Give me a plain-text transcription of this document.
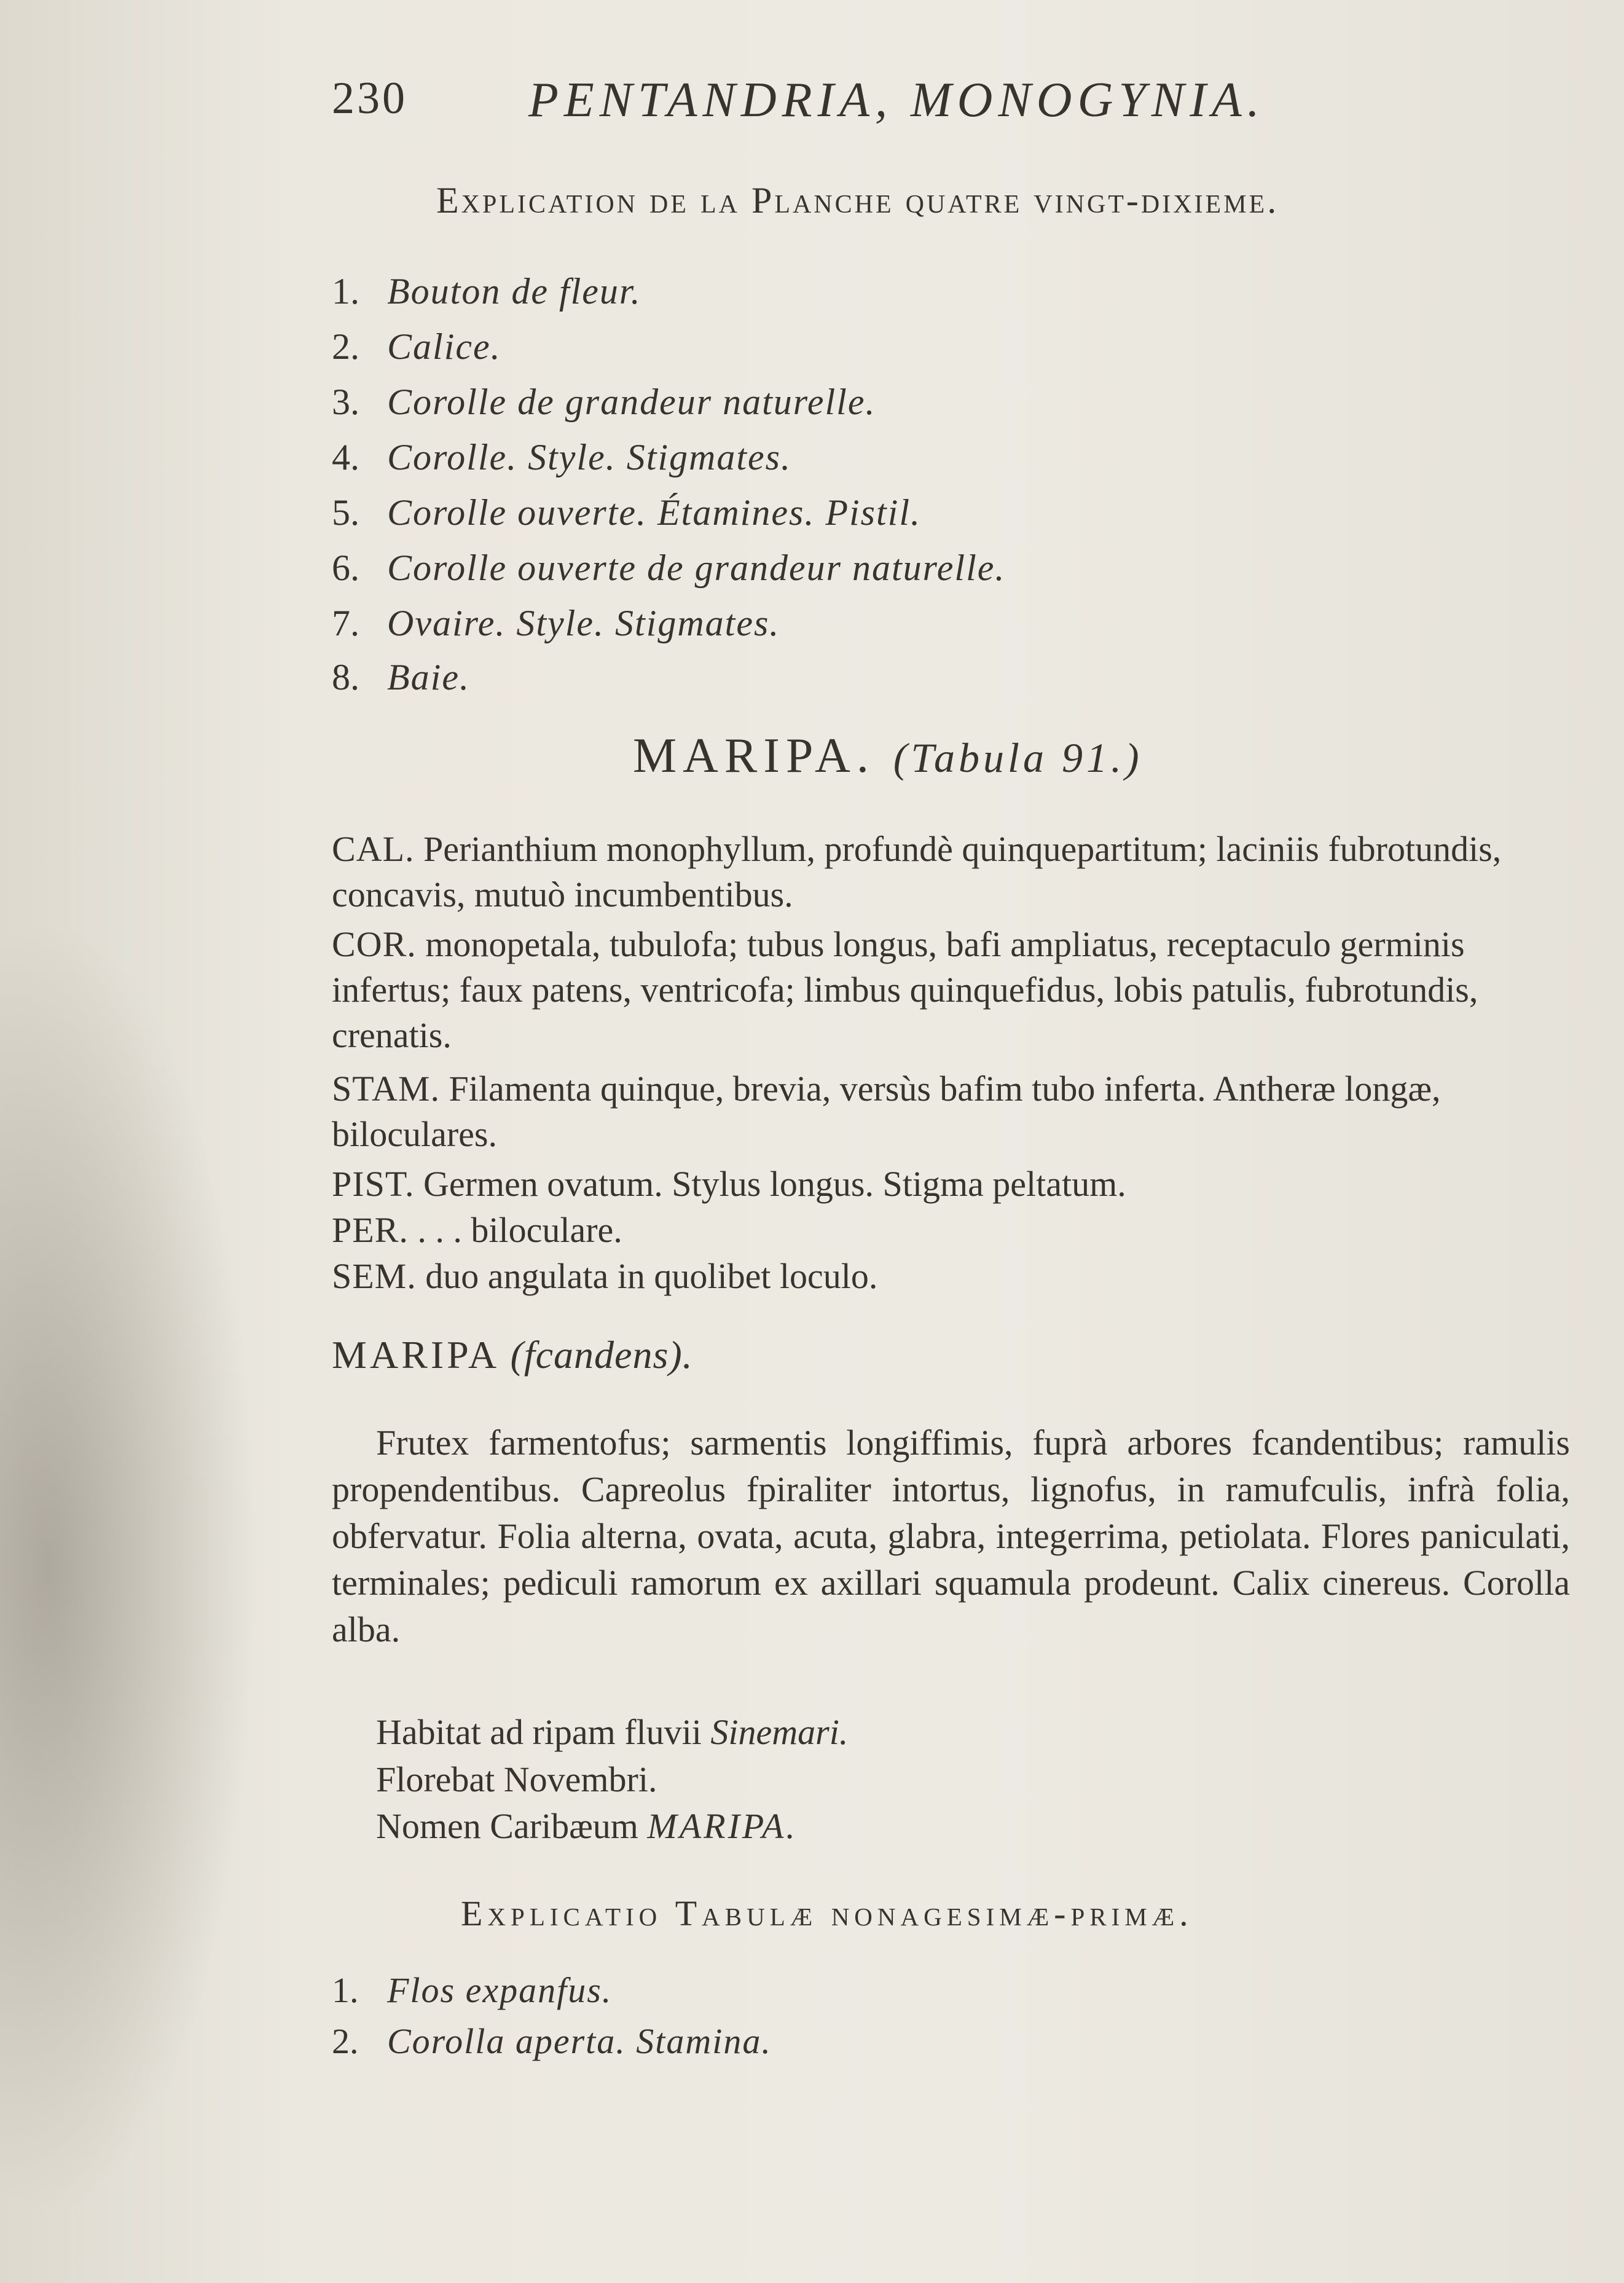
230 PENTANDRIA, MONOGYNIA.
Explication de la Planche quatre vingt-dixieme.
1. Bouton de fleur.
2. Calice.
3. Corolle de grandeur naturelle.
4. Corolle. Style. Stigmates.
5. Corolle ouverte. Étamines. Pistil.
6. Corolle ouverte de grandeur naturelle.
7. Ovaire. Style. Stigmates.
8. Baie.
MARIPA. (Tabula 91.)
CAL. Perianthium monophyllum, profundè quinquepartitum; laciniis fubrotundis, concavis, mutuò incumbentibus.
COR. monopetala, tubulofa; tubus longus, bafi ampliatus, receptaculo germinis infertus; faux patens, ventricofa; limbus quinquefidus, lobis patulis, fubrotundis, crenatis.
STAM. Filamenta quinque, brevia, versùs bafim tubo inferta. Antheræ longæ, biloculares.
PIST. Germen ovatum. Stylus longus. Stigma peltatum.
PER. . . . biloculare.
SEM. duo angulata in quolibet loculo.
MARIPA (fcandens).
Frutex farmentofus; sarmentis longiffimis, fuprà arbores fcandentibus; ramulis propendentibus. Capreolus fpiraliter intortus, lignofus, in ramufculis, infrà folia, obfervatur. Folia alterna, ovata, acuta, glabra, integerrima, petiolata. Flores paniculati, terminales; pediculi ramorum ex axillari squamula prodeunt. Calix cinereus. Corolla alba.
Habitat ad ripam fluvii Sinemari.
Florebat Novembri.
Nomen Caribæum MARIPA.
Explicatio Tabulæ nonagesimæ-primæ.
1. Flos expanfus.
2. Corolla aperta. Stamina.
